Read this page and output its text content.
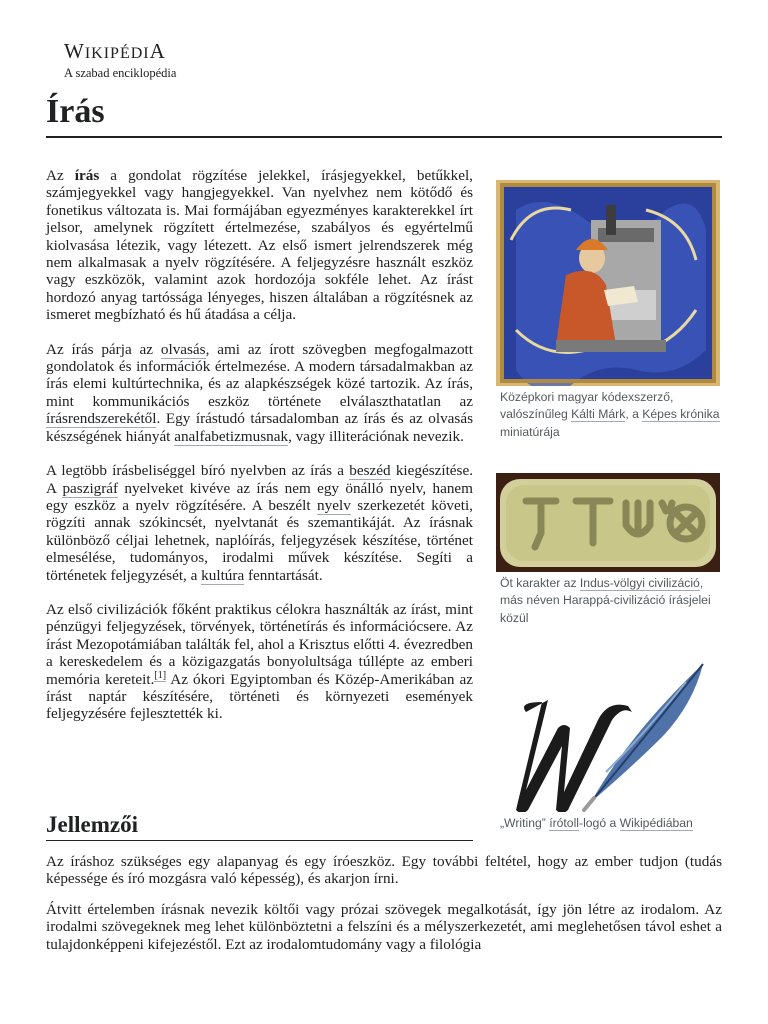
WIKIPÉDIA
A szabad enciklopédia
Írás

Az írás a gondolat rögzítése jelekkel, írásjegyekkel, betűkkel, számjegyekkel vagy hangjegyekkel. Van nyelvhez nem kötődő és fonetikus változata is. Mai formájában egyezményes karakterekkel írt jelsor, amelynek rögzített értelmezése, szabályos és egyértelmű kiolvasása létezik, vagy létezett. Az első ismert jelrendszerek még nem alkalmasak a nyelv rögzítésére. A feljegyzésre használt eszköz vagy eszközök, valamint azok hordozója sokféle lehet. Az írást hordozó anyag tartóssága lényeges, hiszen általában a rögzítésnek az ismeret megbízható és hű átadása a célja.

Az írás párja az olvasás, ami az írott szövegben megfogalmazott gondolatok és információk értelmezése. A modern társadalmakban az írás elemi kultúrtechnika, és az alapkészségek közé tartozik. Az írás, mint kommunikációs eszköz története elválaszthatatlan az írásrendszerekétől. Egy írástudó társadalomban az írás és az olvasás készségének hiányát analfabetizmusnak, vagy illiterációnak nevezik.

A legtöbb írásbeliséggel bíró nyelvben az írás a beszéd kiegészítése. A paszigráf nyelveket kivéve az írás nem egy önálló nyelv, hanem egy eszköz a nyelv rögzítésére. A beszélt nyelv szerkezetét követi, rögzíti annak szókincsét, nyelvtanát és szemantikáját. Az írásnak különböző céljai lehetnek, naplóírás, feljegyzések készítése, történet elmesélése, tudományos, irodalmi művek készítése. Segíti a történetek feljegyzését, a kultúra fenntartását.

Az első civilizációk főként praktikus célokra használták az írást, mint pénzügyi feljegyzések, törvények, történetírás és információcsere. Az írást Mezopotámiában találták fel, ahol a Krisztus előtti 4. évezredben a kereskedelem és a közigazgatás bonyolultsága túllépte az emberi memória kereteit.[1] Az ókori Egyiptomban és Közép-Amerikában az írást naptár készítésére, történeti és környezeti események feljegyzésére fejlesztették ki.

Jellemzői

Az íráshoz szükséges egy alapanyag és egy íróeszköz. Egy további feltétel, hogy az ember tudjon (tudás képessége és író mozgásra való képesség), és akarjon írni.

Átvitt értelemben írásnak nevezik költői vagy prózai szövegek megalkotását, így jön létre az irodalom. Az irodalmi szövegeknek meg lehet különböztetni a felszíni és a mélyszerkezetét, ami meglehetősen távol eshet a tulajdonképpeni kifejezéstől. Ezt az irodalomtudomány vagy a filológia

Középkori magyar kódexszerző, valószínűleg Kálti Márk, a Képes krónika miniatúrája
Öt karakter az Indus-völgyi civilizáció, más néven Harappá-civilizáció írásjelei közül
„Writing” írótoll-logó a Wikipédiában
